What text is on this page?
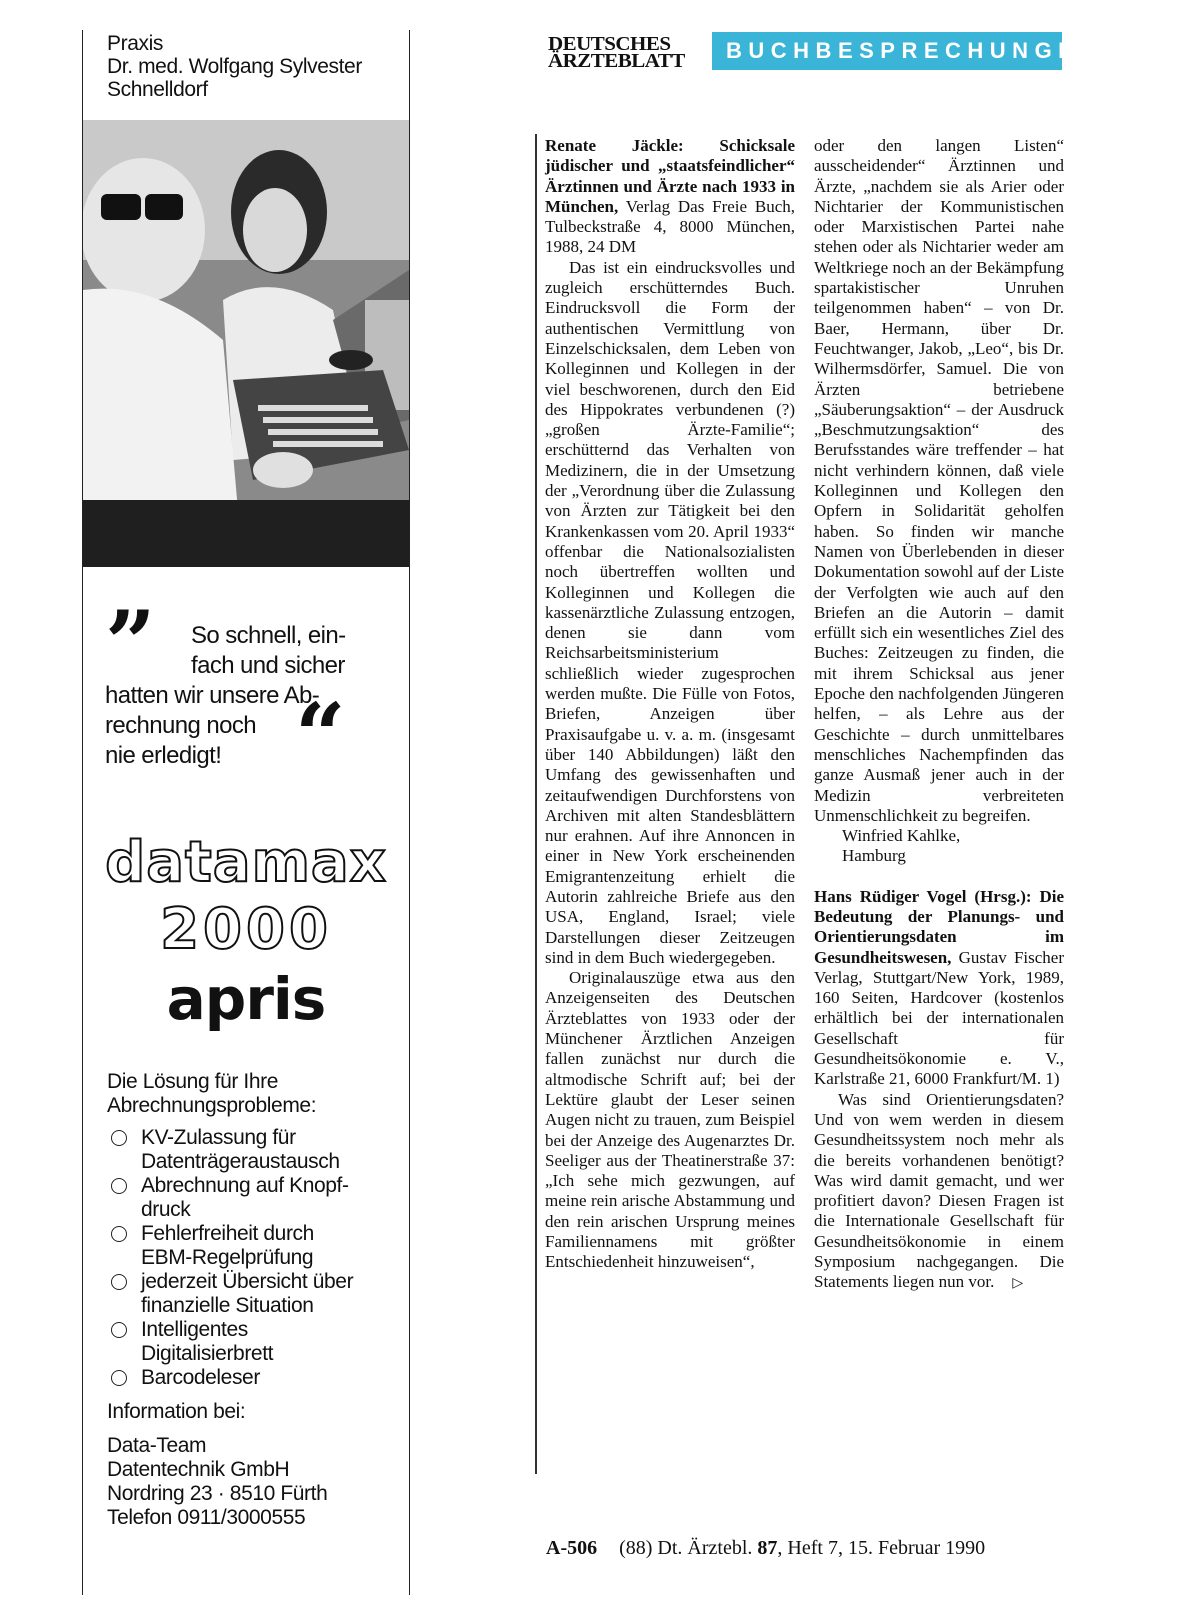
Praxis
Dr. med. Wolfgang Sylvester
Schnelldorf
” So schnell, ein-
fach und sicher
hatten wir unsere Ab-
rechnung noch
nie erledigt! “
datamax
2000
apris
Die Lösung für Ihre
Abrechnungsprobleme:
KV-Zulassung für
Datenträgeraustausch
Abrechnung auf Knopf-
druck
Fehlerfreiheit durch
EBM-Regelprüfung
jederzeit Übersicht über
finanzielle Situation
Intelligentes
Digitalisierbrett
Barcodeleser
Information bei:
Data-Team
Datentechnik GmbH
Nordring 23 · 8510 Fürth
Telefon 0911/3000555
DEUTSCHES
ÄRZTEBLATT	BUCHBESPRECHUNGEN

Renate Jäckle: Schicksale jüdischer und „staatsfeindlicher“ Ärztinnen und Ärzte nach 1933 in München, Verlag Das Freie Buch, Tulbeckstraße 4, 8000 München, 1988, 24 DM

Das ist ein eindrucksvolles und zugleich erschütterndes Buch. Eindrucksvoll die Form der authentischen Vermittlung von Einzelschicksalen, dem Leben von Kolleginnen und Kollegen in der viel beschworenen, durch den Eid des Hippokrates verbundenen (?) „großen Ärzte-Familie“; erschütternd das Verhalten von Medizinern, die in der Umsetzung der „Verordnung über die Zulassung von Ärzten zur Tätigkeit bei den Krankenkassen vom 20. April 1933“ offenbar die Nationalsozialisten noch übertreffen wollten und Kolleginnen und Kollegen die kassenärztliche Zulassung entzogen, denen sie dann vom Reichsarbeitsministerium schließlich wieder zugesprochen werden mußte. Die Fülle von Fotos, Briefen, Anzeigen über Praxisaufgabe u. v. a. m. (insgesamt über 140 Abbildungen) läßt den Umfang des gewissenhaften und zeitaufwendigen Durchforstens von Archiven mit alten Standesblättern nur erahnen. Auf ihre Annoncen in einer in New York erscheinenden Emigrantenzeitung erhielt die Autorin zahlreiche Briefe aus den USA, England, Israel; viele Darstellungen dieser Zeitzeugen sind in dem Buch wiedergegeben.

Originalauszüge etwa aus den Anzeigenseiten des Deutschen Ärzteblattes von 1933 oder der Münchener Ärztlichen Anzeigen fallen zunächst nur durch die altmodische Schrift auf; bei der Lektüre glaubt der Leser seinen Augen nicht zu trauen, zum Beispiel bei der Anzeige des Augenarztes Dr. Seeliger aus der Theatinerstraße 37: „Ich sehe mich gezwungen, auf meine rein arische Abstammung und den rein arischen Ursprung meines Familiennamens mit größter Entschiedenheit hinzuweisen“,

oder den langen Listen“ ausscheidender“ Ärztinnen und Ärzte, „nachdem sie als Arier oder Nichtarier der Kommunistischen oder Marxistischen Partei nahe stehen oder als Nichtarier weder am Weltkriege noch an der Bekämpfung spartakistischer Unruhen teilgenommen haben“ – von Dr. Baer, Hermann, über Dr. Feuchtwanger, Jakob, „Leo“, bis Dr. Wilhermsdörfer, Samuel. Die von Ärzten betriebene „Säuberungsaktion“ – der Ausdruck „Beschmutzungsaktion“ des Berufsstandes wäre treffender – hat nicht verhindern können, daß viele Kolleginnen und Kollegen den Opfern in Solidarität geholfen haben. So finden wir manche Namen von Überlebenden in dieser Dokumentation sowohl auf der Liste der Verfolgten wie auch auf den Briefen an die Autorin – damit erfüllt sich ein wesentliches Ziel des Buches: Zeitzeugen zu finden, die mit ihrem Schicksal aus jener Epoche den nachfolgenden Jüngeren helfen, – als Lehre aus der Geschichte – durch unmittelbares menschliches Nachempfinden das ganze Ausmaß jener auch in der Medizin verbreiteten Unmenschlichkeit zu begreifen.

Winfried Kahlke,
Hamburg

Hans Rüdiger Vogel (Hrsg.): Die Bedeutung der Planungs- und Orientierungsdaten im Gesundheitswesen, Gustav Fischer Verlag, Stuttgart/New York, 1989, 160 Seiten, Hardcover (kostenlos erhältlich bei der internationalen Gesellschaft für Gesundheitsökonomie e. V., Karlstraße 21, 6000 Frankfurt/M. 1)

Was sind Orientierungsdaten? Und von wem werden in diesem Gesundheitssystem noch mehr als die bereits vorhandenen benötigt? Was wird damit gemacht, und wer profitiert davon? Diesen Fragen ist die Internationale Gesellschaft für Gesundheitsökonomie in einem Symposium nachgegangen. Die Statements liegen nun vor. ▷

A-506 (88) Dt. Ärztebl. 87, Heft 7, 15. Februar 1990
